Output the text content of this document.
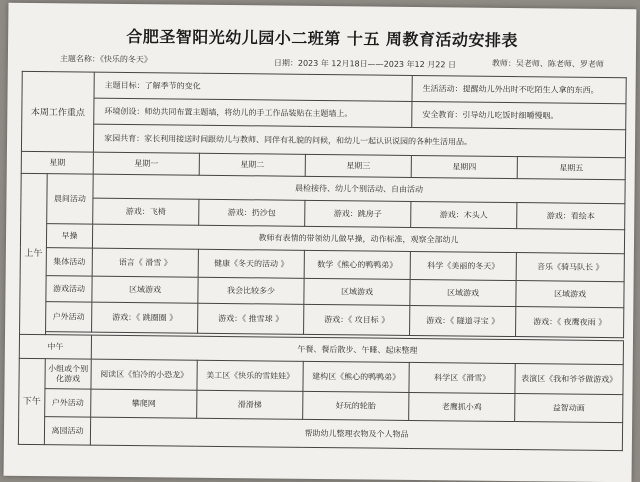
合肥圣智阳光幼儿园小二班第 十五 周教育活动安排表
主题名称：《快乐的冬天》	日期：2023 年 12月18日——2023 年12 月22 日	教师：吴老师、陈老师、罗老师
本周工作重点		主题目标：了解季节的变化			生活活动：提醒幼儿外出时不吃陌生人拿的东西。	
		环境创设：师幼共同布置主题墙，将幼儿的手工作品装贴在主题墙上。			安全教育：引导幼儿吃饭时细嚼慢咽。	
		家园共育：家长利用接送时间跟幼儿与教师、同伴有礼貌的问候，和幼儿一起认识说园的各种生活用品。				
星期		星期一	星期二	星期三	星期四	星期五
上午	晨间活动	晨检接待、幼儿个别活动、自由活动				
		游戏：飞椅	游戏：扔沙包	游戏：跳房子	游戏：木头人	游戏：看绘本
	早操	教师有表情的带领幼儿做早操，动作标准，观察全部幼儿				
	集体活动	语言《 滑雪 》	健康《冬天的活动 》	数学《熊心的鸭鸭弟》	科学《美丽的冬天》	音乐《骑马队长 》
	游戏活动	区域游戏	我会比较多少	区域游戏	区域游戏	区域游戏
	户外活动	游戏：《 跳圈圈 》	游戏：《 推雪球 》	游戏：《 攻目标 》	游戏：《 隧道寻宝 》	游戏：《 夜鹰夜雨 》

中午		午餐、餐后散步、午睡、起床整理				
下午	小组或个别化游戏	阅读区《怕冷的小恐龙》	美工区《快乐的雪娃娃》	建构区《熊心的鸭鸭弟》	科学区《滑雪》	表演区《我和爷爷做游戏》
	户外活动	攀爬网	滑滑梯	好玩的轮胎	老鹰抓小鸡	益智动画
	离园活动	帮助幼儿整理衣物及个人物品				
